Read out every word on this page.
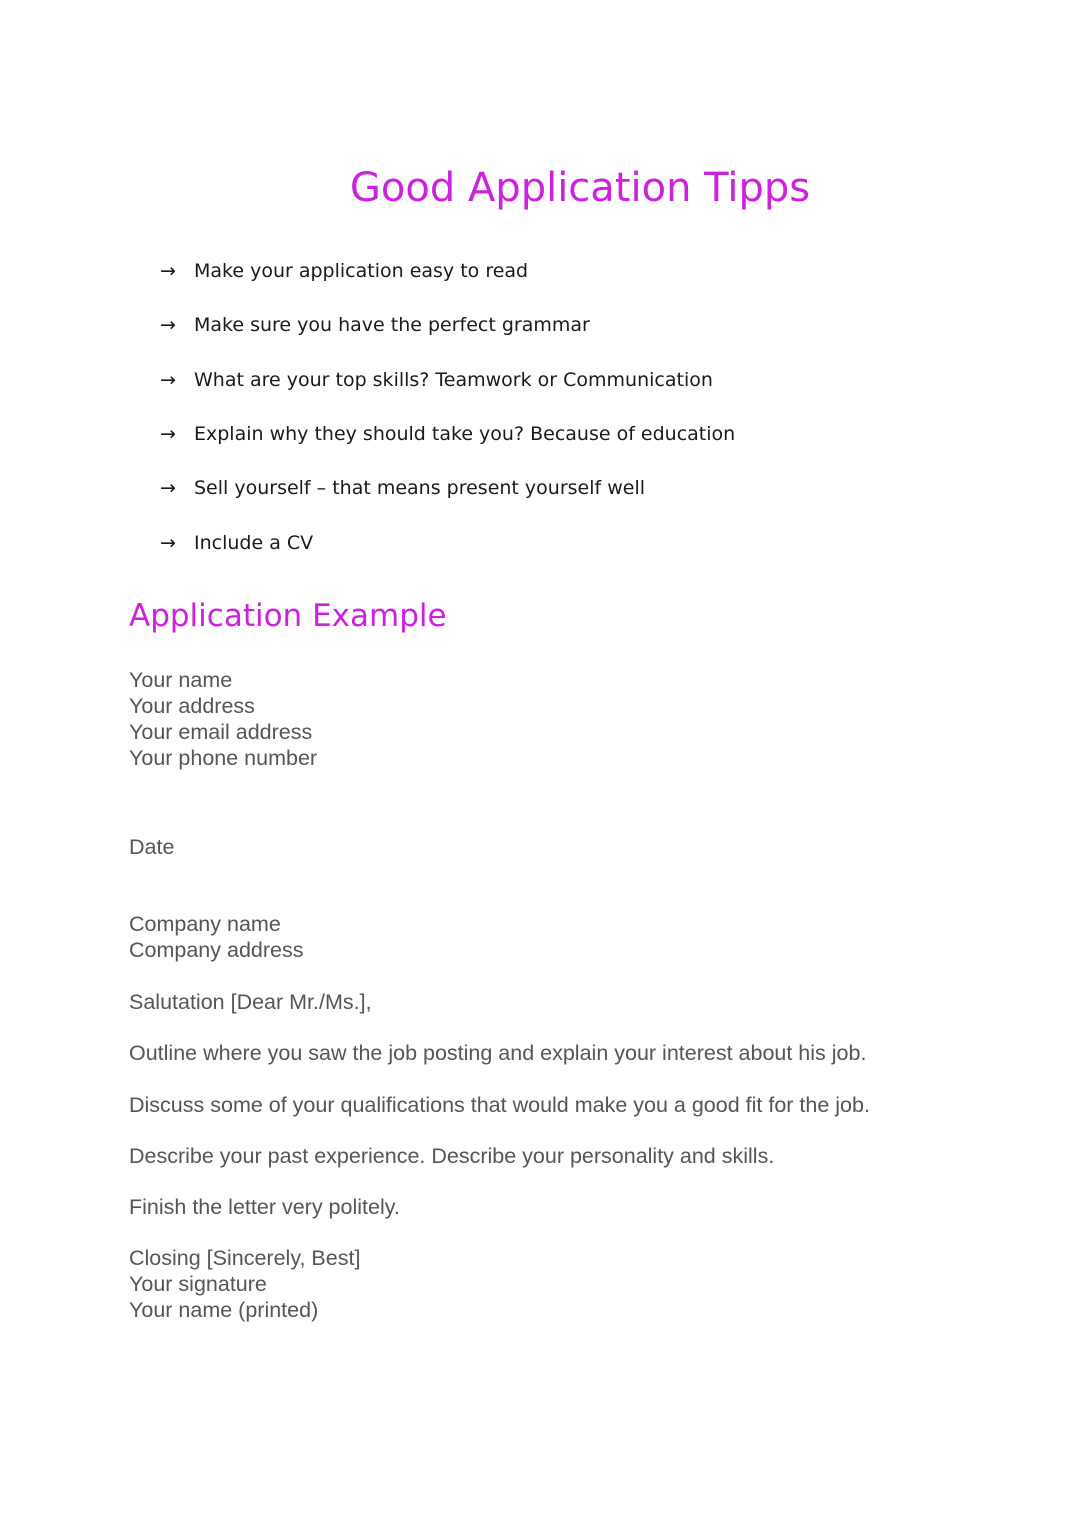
Good Application Tipps
→ Make your application easy to read
→ Make sure you have the perfect grammar
→ What are your top skills? Teamwork or Communication
→ Explain why they should take you? Because of education
→ Sell yourself – that means present yourself well
→ Include a CV
Application Example
Your name
Your address
Your email address
Your phone number
Date
Company name
Company address
Salutation [Dear Mr./Ms.],
Outline where you saw the job posting and explain your interest about his job.
Discuss some of your qualifications that would make you a good fit for the job.
Describe your past experience. Describe your personality and skills.
Finish the letter very politely.
Closing [Sincerely, Best]
Your signature
Your name (printed)
